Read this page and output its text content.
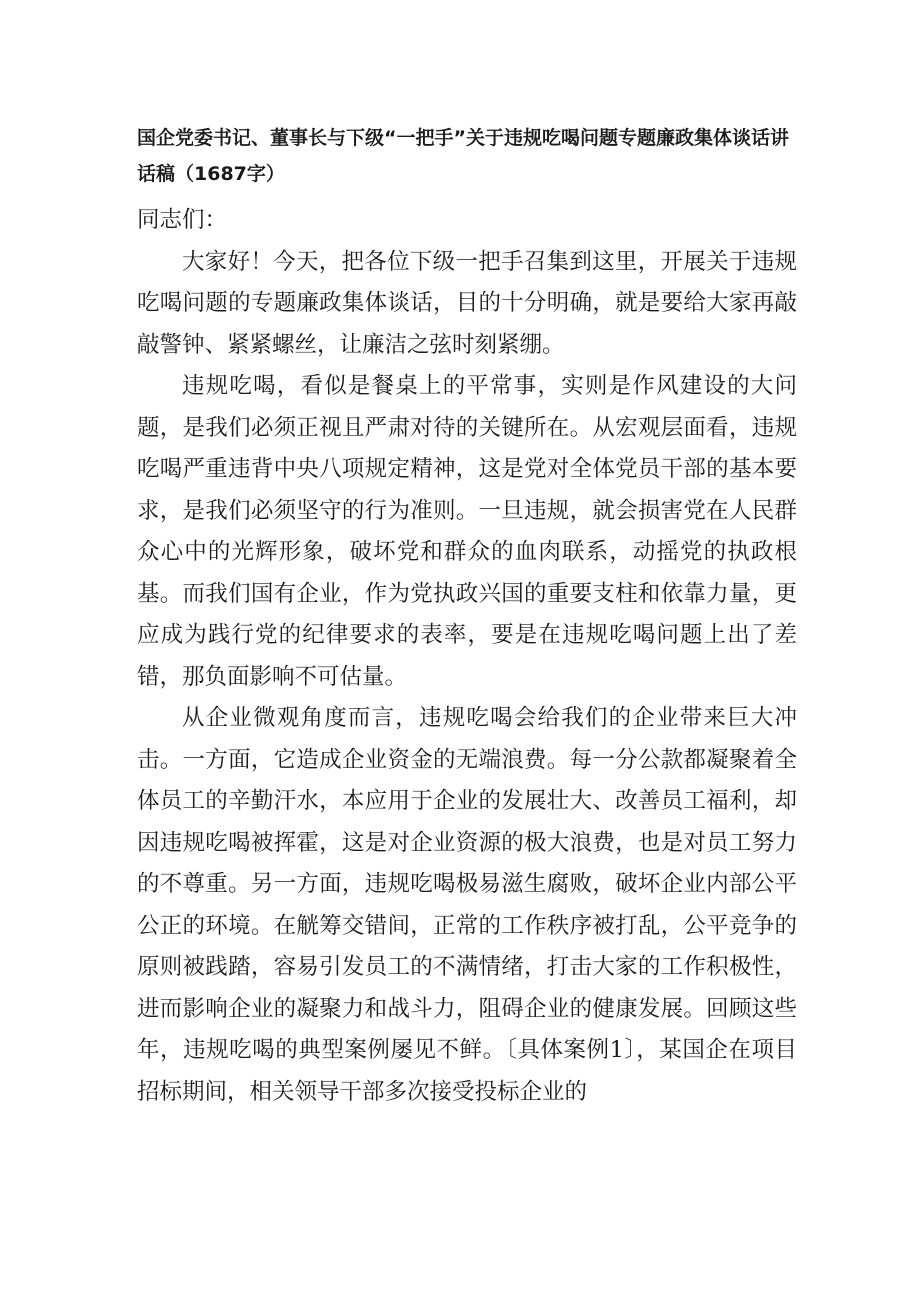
国企党委书记、董事长与下级“一把手”关于违规吃喝问题专题廉政集体谈话讲话稿（1687字）

同志们：

大家好！今天，把各位下级一把手召集到这里，开展关于违规吃喝问题的专题廉政集体谈话，目的十分明确，就是要给大家再敲敲警钟、紧紧螺丝，让廉洁之弦时刻紧绷。

违规吃喝，看似是餐桌上的平常事，实则是作风建设的大问题，是我们必须正视且严肃对待的关键所在。从宏观层面看，违规吃喝严重违背中央八项规定精神，这是党对全体党员干部的基本要求，是我们必须坚守的行为准则。一旦违规，就会损害党在人民群众心中的光辉形象，破坏党和群众的血肉联系，动摇党的执政根基。而我们国有企业，作为党执政兴国的重要支柱和依靠力量，更应成为践行党的纪律要求的表率，要是在违规吃喝问题上出了差错，那负面影响不可估量。

从企业微观角度而言，违规吃喝会给我们的企业带来巨大冲击。一方面，它造成企业资金的无端浪费。每一分公款都凝聚着全体员工的辛勤汗水，本应用于企业的发展壮大、改善员工福利，却因违规吃喝被挥霍，这是对企业资源的极大浪费，也是对员工努力的不尊重。另一方面，违规吃喝极易滋生腐败，破坏企业内部公平公正的环境。在觥筹交错间，正常的工作秩序被打乱，公平竞争的原则被践踏，容易引发员工的不满情绪，打击大家的工作积极性，进而影响企业的凝聚力和战斗力，阻碍企业的健康发展。回顾这些年，违规吃喝的典型案例屡见不鲜。〔具体案例1〕，某国企在项目招标期间，相关领导干部多次接受投标企业的
